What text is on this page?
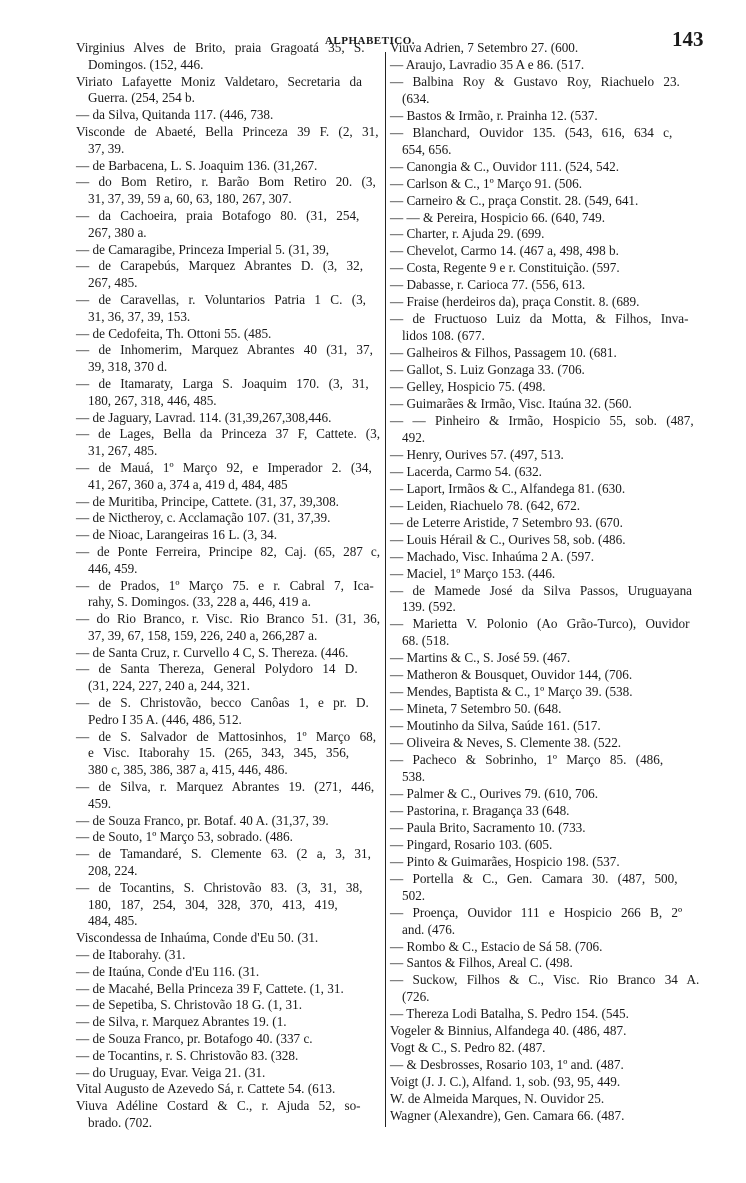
ALPHABETICO.	143
Virginius Alves de Brito, praia Gragoatá 35, S.
Domingos. (152, 446.
Viriato Lafayette Moniz Valdetaro, Secretaria da
Guerra. (254, 254 b.
— da Silva, Quitanda 117. (446, 738.
Visconde de Abaeté, Bella Princeza 39 F. (2, 31,
37, 39.
— de Barbacena, L. S. Joaquim 136. (31,267.
— do Bom Retiro, r. Barão Bom Retiro 20. (3,
31, 37, 39, 59 a, 60, 63, 180, 267, 307.
— da Cachoeira, praia Botafogo 80. (31, 254,
267, 380 a.
— de Camaragibe, Princeza Imperial 5. (31, 39,
— de Carapebús, Marquez Abrantes D. (3, 32,
267, 485.
— de Caravellas, r. Voluntarios Patria 1 C. (3,
31, 36, 37, 39, 153.
— de Cedofeita, Th. Ottoni 55. (485.
— de Inhomerim, Marquez Abrantes 40 (31, 37,
39, 318, 370 d.
— de Itamaraty, Larga S. Joaquim 170. (3, 31,
180, 267, 318, 446, 485.
— de Jaguary, Lavrad. 114. (31,39,267,308,446.
— de Lages, Bella da Princeza 37 F, Cattete. (3,
31, 267, 485.
— de Mauá, 1º Março 92, e Imperador 2. (34,
41, 267, 360 a, 374 a, 419 d, 484, 485
— de Muritiba, Principe, Cattete. (31, 37, 39,308.
— de Nictheroy, c. Acclamação 107. (31, 37,39.
— de Nioac, Larangeiras 16 L. (3, 34.
— de Ponte Ferreira, Principe 82, Caj. (65, 287 c,
446, 459.
— de Prados, 1º Março 75. e r. Cabral 7, Ica-
rahy, S. Domingos. (33, 228 a, 446, 419 a.
— do Rio Branco, r. Visc. Rio Branco 51. (31, 36,
37, 39, 67, 158, 159, 226, 240 a, 266,287 a.
— de Santa Cruz, r. Curvello 4 C, S. Thereza. (446.
— de Santa Thereza, General Polydoro 14 D.
(31, 224, 227, 240 a, 244, 321.
— de S. Christovão, becco Canôas 1, e pr. D.
Pedro I 35 A. (446, 486, 512.
— de S. Salvador de Mattosinhos, 1º Março 68,
e Visc. Itaborahy 15. (265, 343, 345, 356,
380 c, 385, 386, 387 a, 415, 446, 486.
— de Silva, r. Marquez Abrantes 19. (271, 446,
459.
— de Souza Franco, pr. Botaf. 40 A. (31,37, 39.
— de Souto, 1º Março 53, sobrado. (486.
— de Tamandaré, S. Clemente 63. (2 a, 3, 31,
208, 224.
— de Tocantins, S. Christovão 83. (3, 31, 38,
180, 187, 254, 304, 328, 370, 413, 419,
484, 485.
Viscondessa de Inhaúma, Conde d'Eu 50. (31.
— de Itaborahy. (31.
— de Itaúna, Conde d'Eu 116. (31.
— de Macahé, Bella Princeza 39 F, Cattete. (1, 31.
— de Sepetiba, S. Christovão 18 G. (1, 31.
— de Silva, r. Marquez Abrantes 19. (1.
— de Souza Franco, pr. Botafogo 40. (337 c.
— de Tocantins, r. S. Christovão 83. (328.
— do Uruguay, Evar. Veiga 21. (31.
Vital Augusto de Azevedo Sá, r. Cattete 54. (613.
Viuva Adéline Costard & C., r. Ajuda 52, so-
brado. (702.
Viuva Adrien, 7 Setembro 27. (600.
— Araujo, Lavradio 35 A e 86. (517.
— Balbina Roy & Gustavo Roy, Riachuelo 23.
(634.
— Bastos & Irmão, r. Prainha 12. (537.
— Blanchard, Ouvidor 135. (543, 616, 634 c,
654, 656.
— Canongia & C., Ouvidor 111. (524, 542.
— Carlson & C., 1º Março 91. (506.
— Carneiro & C., praça Constit. 28. (549, 641.
— — & Pereira, Hospicio 66. (640, 749.
— Charter, r. Ajuda 29. (699.
— Chevelot, Carmo 14. (467 a, 498, 498 b.
— Costa, Regente 9 e r. Constituição. (597.
— Dabasse, r. Carioca 77. (556, 613.
— Fraise (herdeiros da), praça Constit. 8. (689.
— de Fructuoso Luiz da Motta, & Filhos, Inva-
lidos 108. (677.
— Galheiros & Filhos, Passagem 10. (681.
— Gallot, S. Luiz Gonzaga 33. (706.
— Gelley, Hospicio 75. (498.
— Guimarães & Irmão, Visc. Itaúna 32. (560.
— — Pinheiro & Irmão, Hospicio 55, sob. (487,
492.
— Henry, Ourives 57. (497, 513.
— Lacerda, Carmo 54. (632.
— Laport, Irmãos & C., Alfandega 81. (630.
— Leiden, Riachuelo 78. (642, 672.
— de Leterre Aristide, 7 Setembro 93. (670.
— Louis Hérail & C., Ourives 58, sob. (486.
— Machado, Visc. Inhaúma 2 A. (597.
— Maciel, 1º Março 153. (446.
— de Mamede José da Silva Passos, Uruguayana
139. (592.
— Marietta V. Polonio (Ao Grão-Turco), Ouvidor
68. (518.
— Martins & C., S. José 59. (467.
— Matheron & Bousquet, Ouvidor 144, (706.
— Mendes, Baptista & C., 1º Março 39. (538.
— Mineta, 7 Setembro 50. (648.
— Moutinho da Silva, Saúde 161. (517.
— Oliveira & Neves, S. Clemente 38. (522.
— Pacheco & Sobrinho, 1º Março 85. (486,
538.
— Palmer & C., Ourives 79. (610, 706.
— Pastorina, r. Bragança 33 (648.
— Paula Brito, Sacramento 10. (733.
— Pingard, Rosario 103. (605.
— Pinto & Guimarães, Hospicio 198. (537.
— Portella & C., Gen. Camara 30. (487, 500,
502.
— Proença, Ouvidor 111 e Hospicio 266 B, 2º
and. (476.
— Rombo & C., Estacio de Sá 58. (706.
— Santos & Filhos, Areal C. (498.
— Suckow, Filhos & C., Visc. Rio Branco 34 A.
(726.
— Thereza Lodi Batalha, S. Pedro 154. (545.
Vogeler & Binnius, Alfandega 40. (486, 487.
Vogt & C., S. Pedro 82. (487.
— & Desbrosses, Rosario 103, 1º and. (487.
Voigt (J. J. C.), Alfand. 1, sob. (93, 95, 449.
W. de Almeida Marques, N. Ouvidor 25.
Wagner (Alexandre), Gen. Camara 66. (487.
